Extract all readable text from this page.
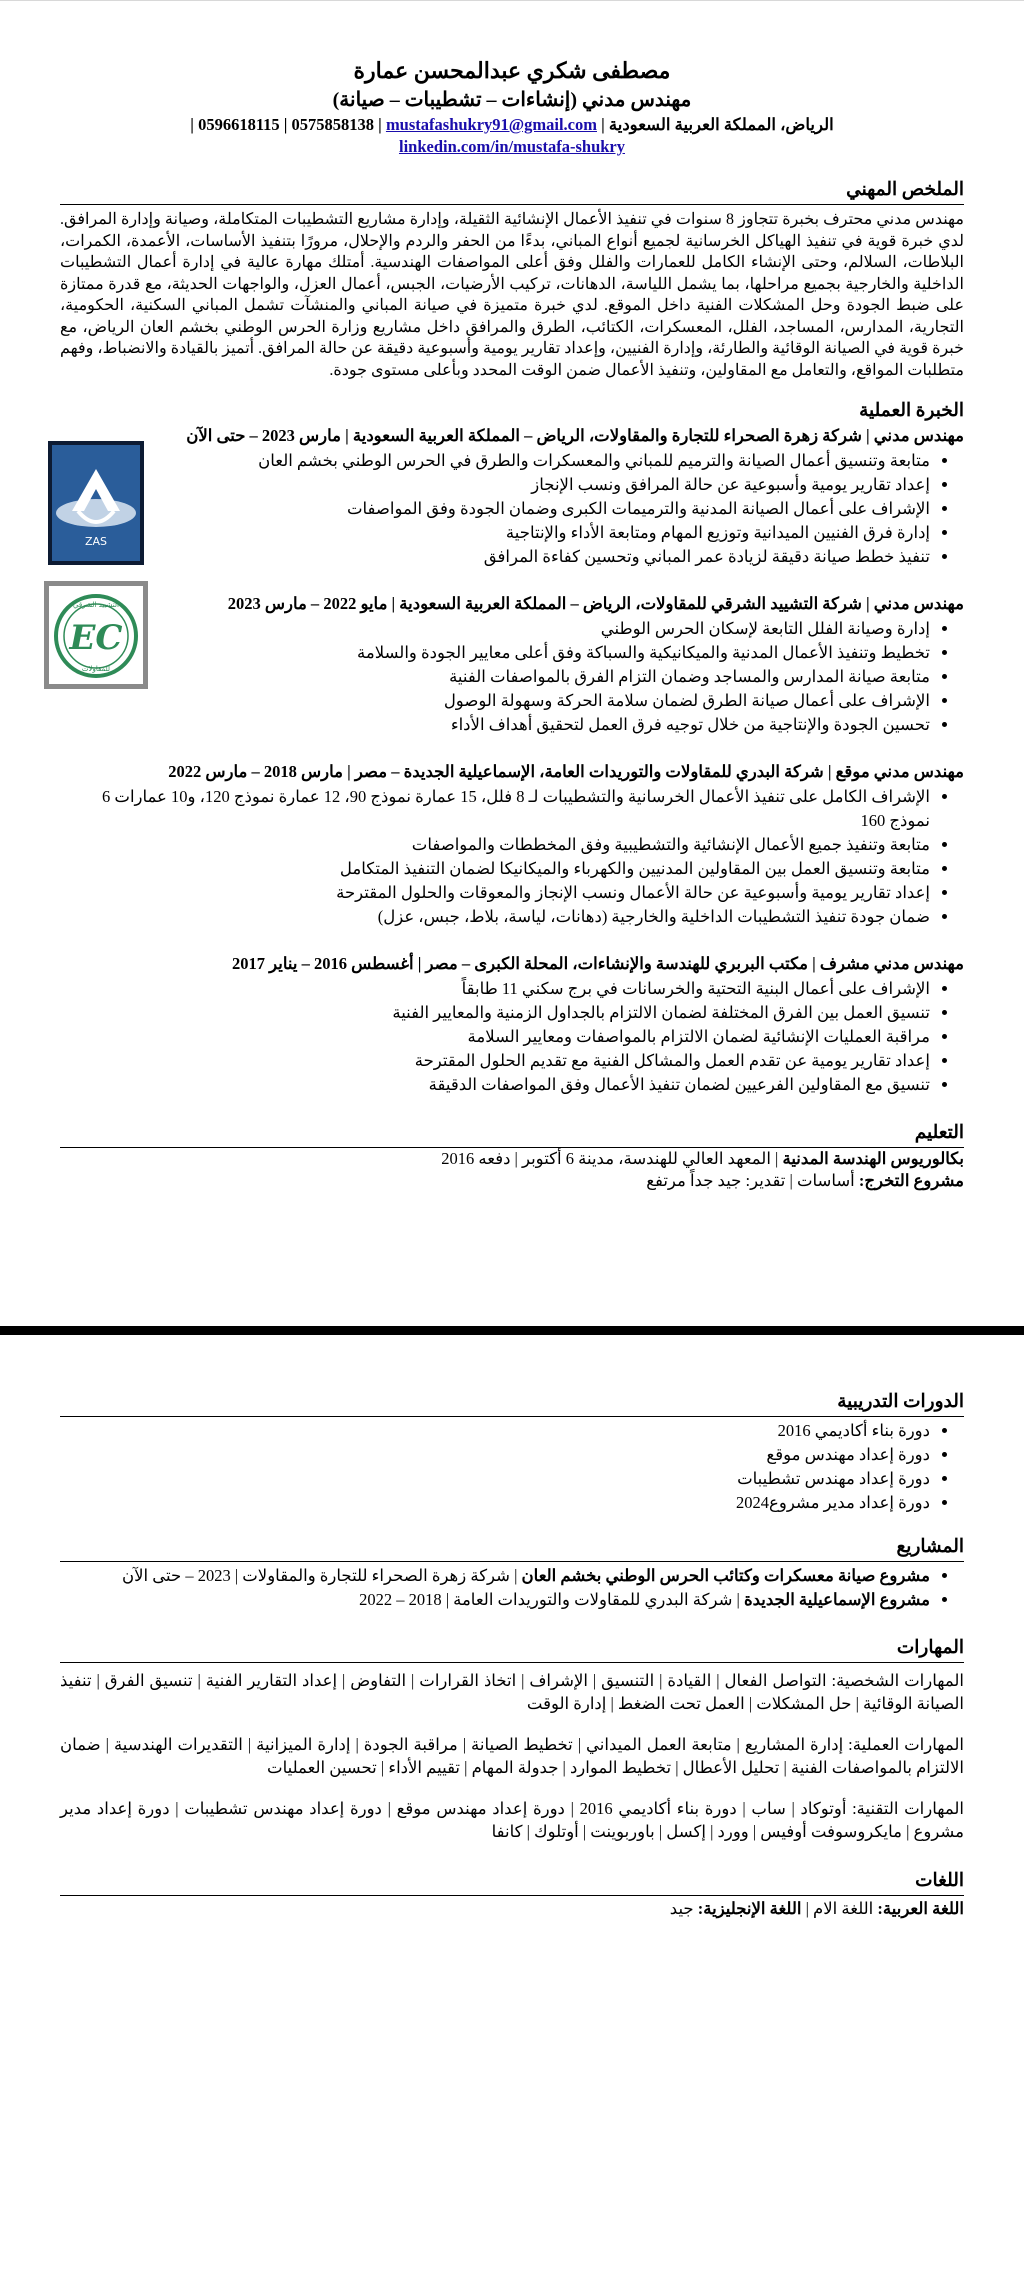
مصطفى شكري عبدالمحسن عمارة
مهندس مدني (إنشاءات – تشطيبات – صيانة)
الرياض، المملكة العربية السعودية | 0596618115 | 0575858138 | mustafashukry91@gmail.com |
linkedin.com/in/mustafa-shukry
الملخص المهني
مهندس مدني محترف بخبرة تتجاوز 8 سنوات في تنفيذ الأعمال الإنشائية الثقيلة، وإدارة مشاريع التشطيبات المتكاملة، وصيانة وإدارة المرافق. لدي خبرة قوية في تنفيذ الهياكل الخرسانية لجميع أنواع المباني، بدءًا من الحفر والردم والإحلال، مرورًا بتنفيذ الأساسات، الأعمدة، الكمرات، البلاطات، السلالم، وحتى الإنشاء الكامل للعمارات والفلل وفق أعلى المواصفات الهندسية. أمتلك مهارة عالية في إدارة أعمال التشطيبات الداخلية والخارجية بجميع مراحلها، بما يشمل اللياسة، الدهانات، تركيب الأرضيات، الجبس، أعمال العزل، والواجهات الحديثة، مع قدرة ممتازة على ضبط الجودة وحل المشكلات الفنية داخل الموقع. لدي خبرة متميزة في صيانة المباني والمنشآت تشمل المباني السكنية، الحكومية، التجارية، المدارس، المساجد، الفلل، المعسكرات، الكتائب، الطرق والمرافق داخل مشاريع وزارة الحرس الوطني بخشم العان الرياض، مع خبرة قوية في الصيانة الوقائية والطارئة، وإدارة الفنيين، وإعداد تقارير يومية وأسبوعية دقيقة عن حالة المرافق. أتميز بالقيادة والانضباط، وفهم متطلبات المواقع، والتعامل مع المقاولين، وتنفيذ الأعمال ضمن الوقت المحدد وبأعلى مستوى جودة.
الخبرة العملية
مهندس مدني | شركة زهرة الصحراء للتجارة والمقاولات، الرياض – المملكة العربية السعودية | مارس 2023 – حتى الآن
ZAS
• متابعة وتنسيق أعمال الصيانة والترميم للمباني والمعسكرات والطرق في الحرس الوطني بخشم العان
• إعداد تقارير يومية وأسبوعية عن حالة المرافق ونسب الإنجاز
• الإشراف على أعمال الصيانة المدنية والترميمات الكبرى وضمان الجودة وفق المواصفات
• إدارة فرق الفنيين الميدانية وتوزيع المهام ومتابعة الأداء والإنتاجية
• تنفيذ خطط صيانة دقيقة لزيادة عمر المباني وتحسين كفاءة المرافق
مهندس مدني | شركة التشييد الشرقي للمقاولات، الرياض – المملكة العربية السعودية | مايو 2022 – مارس 2023
EC
التشييد الشرقي
للمقاولات
• إدارة وصيانة الفلل التابعة لإسكان الحرس الوطني
• تخطيط وتنفيذ الأعمال المدنية والميكانيكية والسباكة وفق أعلى معايير الجودة والسلامة
• متابعة صيانة المدارس والمساجد وضمان التزام الفرق بالمواصفات الفنية
• الإشراف على أعمال صيانة الطرق لضمان سلامة الحركة وسهولة الوصول
• تحسين الجودة والإنتاجية من خلال توجيه فرق العمل لتحقيق أهداف الأداء
مهندس مدني موقع | شركة البدري للمقاولات والتوريدات العامة، الإسماعيلية الجديدة – مصر | مارس 2018 – مارس 2022
• الإشراف الكامل على تنفيذ الأعمال الخرسانية والتشطيبات لـ 8 فلل، 15 عمارة نموذج 90، 12 عمارة نموذج 120، و10 عمارات 6 نموذج 160
• متابعة وتنفيذ جميع الأعمال الإنشائية والتشطيبية وفق المخططات والمواصفات
• متابعة وتنسيق العمل بين المقاولين المدنيين والكهرباء والميكانيكا لضمان التنفيذ المتكامل
• إعداد تقارير يومية وأسبوعية عن حالة الأعمال ونسب الإنجاز والمعوقات والحلول المقترحة
• ضمان جودة تنفيذ التشطيبات الداخلية والخارجية (دهانات، لياسة، بلاط، جبس، عزل)
مهندس مدني مشرف | مكتب البربري للهندسة والإنشاءات، المحلة الكبرى – مصر | أغسطس 2016 – يناير 2017
• الإشراف على أعمال البنية التحتية والخرسانات في برج سكني 11 طابقاً
• تنسيق العمل بين الفرق المختلفة لضمان الالتزام بالجداول الزمنية والمعايير الفنية
• مراقبة العمليات الإنشائية لضمان الالتزام بالمواصفات ومعايير السلامة
• إعداد تقارير يومية عن تقدم العمل والمشاكل الفنية مع تقديم الحلول المقترحة
• تنسيق مع المقاولين الفرعيين لضمان تنفيذ الأعمال وفق المواصفات الدقيقة
التعليم
بكالوريوس الهندسة المدنية | المعهد العالي للهندسة، مدينة 6 أكتوبر | دفعه 2016
مشروع التخرج: أساسات | تقدير: جيد جداً مرتفع
الدورات التدريبية
• دورة بناء أكاديمي 2016
• دورة إعداد مهندس موقع
• دورة إعداد مهندس تشطيبات
• دورة إعداد مدير مشروع2024
المشاريع
• مشروع صيانة معسكرات وكتائب الحرس الوطني بخشم العان | شركة زهرة الصحراء للتجارة والمقاولات | 2023 – حتى الآن
• مشروع الإسماعيلية الجديدة | شركة البدري للمقاولات والتوريدات العامة | 2018 – 2022
المهارات
المهارات الشخصية: التواصل الفعال | القيادة | التنسيق | الإشراف | اتخاذ القرارات | التفاوض | إعداد التقارير الفنية | تنسيق الفرق | تنفيذ الصيانة الوقائية | حل المشكلات | العمل تحت الضغط | إدارة الوقت
المهارات العملية: إدارة المشاريع | متابعة العمل الميداني | تخطيط الصيانة | مراقبة الجودة | إدارة الميزانية | التقديرات الهندسية | ضمان الالتزام بالمواصفات الفنية | تحليل الأعطال | تخطيط الموارد | جدولة المهام | تقييم الأداء | تحسين العمليات
المهارات التقنية: أوتوكاد | ساب | دورة بناء أكاديمي 2016 | دورة إعداد مهندس موقع | دورة إعداد مهندس تشطيبات | دورة إعداد مدير مشروع | مايكروسوفت أوفيس | وورد | إكسل | باوربوينت | أوتلوك | كانفا
اللغات
اللغة العربية: اللغة الام | اللغة الإنجليزية: جيد
